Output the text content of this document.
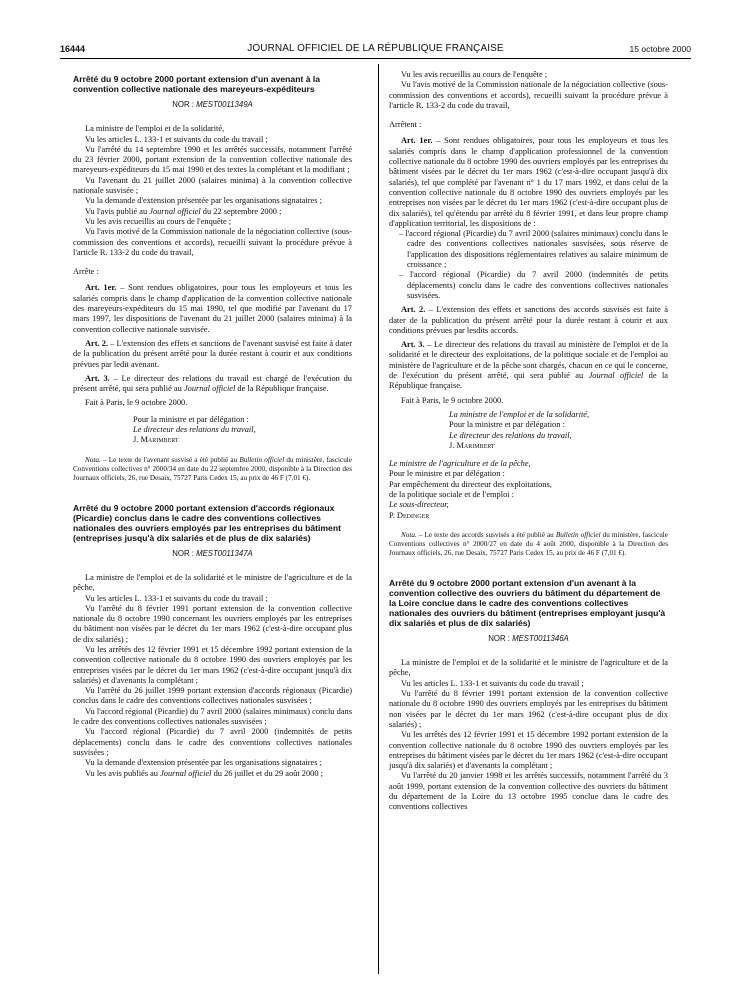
16444	JOURNAL OFFICIEL DE LA RÉPUBLIQUE FRANÇAISE	15 octobre 2000
Arrêté du 9 octobre 2000 portant extension d'un avenant à la convention collective nationale des mareyeurs-expéditeurs
NOR : MEST0011349A

La ministre de l'emploi et de la solidarité,

Vu les articles L. 133-1 et suivants du code du travail ;

Vu l'arrêté du 14 septembre 1990 et les arrêtés successifs, notamment l'arrêté du 23 février 2000, portant extension de la convention collective nationale des mareyeurs-expéditeurs du 15 mai 1990 et des textes la complétant et la modifiant ;

Vu l'avenant du 21 juillet 2000 (salaires minima) à la convention collective nationale susvisée ;

Vu la demande d'extension présentée par les organisations signataires ;

Vu l'avis publié au Journal officiel du 22 septembre 2000 ;

Vu les avis recueillis au cours de l'enquête ;

Vu l'avis motivé de la Commission nationale de la négociation collective (sous-commission des conventions et accords), recueilli suivant la procédure prévue à l'article R. 133-2 du code du travail,

Arrête :

Art. 1er. – Sont rendues obligatoires, pour tous les employeurs et tous les salariés compris dans le champ d'application de la convention collective nationale des mareyeurs-expéditeurs du 15 mai 1990, tel que modifié par l'avenant du 17 mars 1997, les dispositions de l'avenant du 21 juillet 2000 (salaires minima) à la convention collective nationale susvisée.

Art. 2. – L'extension des effets et sanctions de l'avenant susvisé est faite à dater de la publication du présent arrêté pour la durée restant à courir et aux conditions prévues par ledit avenant.

Art. 3. – Le directeur des relations du travail est chargé de l'exécution du présent arrêté, qui sera publié au Journal officiel de la République française.

Fait à Paris, le 9 octobre 2000.

Pour la ministre et par délégation :

Le directeur des relations du travail,

J. Marimbert

Nota. – Le texte de l'avenant susvisé a été publié au Bulletin officiel du ministère, fascicule Conventions collectives n° 2000/34 en date du 22 septembre 2000, disponible à la Direction des Journaux officiels, 26, rue Desaix, 75727 Paris Cedex 15, au prix de 46 F (7,01 €).

Arrêté du 9 octobre 2000 portant extension d'accords régionaux (Picardie) conclus dans le cadre des conventions collectives nationales des ouvriers employés par les entreprises du bâtiment (entreprises jusqu'à dix salariés et de plus de dix salariés)
NOR : MEST0011347A

La ministre de l'emploi et de la solidarité et le ministre de l'agriculture et de la pêche,

Vu les articles L. 133-1 et suivants du code du travail ;

Vu l'arrêté du 8 février 1991 portant extension de la convention collective nationale du 8 octobre 1990 concernant les ouvriers employés par les entreprises du bâtiment non visées par le décret du 1er mars 1962 (c'est-à-dire occupant plus de dix salariés) ;

Vu les arrêtés des 12 février 1991 et 15 décembre 1992 portant extension de la convention collective nationale du 8 octobre 1990 des ouvriers employés par les entreprises visées par le décret du 1er mars 1962 (c'est-à-dire occupant jusqu'à dix salariés) et d'avenants la complétant ;

Vu l'arrêté du 26 juillet 1999 portant extension d'accords régionaux (Picardie) conclus dans le cadre des conventions collectives nationales susvisées ;

Vu l'accord régional (Picardie) du 7 avril 2000 (salaires minimaux) conclu dans le cadre des conventions collectives nationales susvisées ;

Vu l'accord régional (Picardie) du 7 avril 2000 (indemnités de petits déplacements) conclu dans le cadre des conventions collectives nationales susvisées ;

Vu la demande d'extension présentée par les organisations signataires ;

Vu les avis publiés au Journal officiel du 26 juillet et du 29 août 2000 ;

Vu les avis recueillis au cours de l'enquête ;

Vu l'avis motivé de la Commission nationale de la négociation collective (sous-commission des conventions et accords), recueilli suivant la procédure prévue à l'article R. 133-2 du code du travail,

Arrêtent :

Art. 1er. – Sont rendues obligatoires, pour tous les employeurs et tous les salariés compris dans le champ d'application professionnel de la convention collective nationale du 8 octobre 1990 des ouvriers employés par les entreprises du bâtiment visées par le décret du 1er mars 1962 (c'est-à-dire occupant jusqu'à dix salariés), tel que complété par l'avenant n° 1 du 17 mars 1992, et dans celui de la convention collective nationale du 8 octobre 1990 des ouvriers employés par les entreprises non visées par le décret du 1er mars 1962 (c'est-à-dire occupant plus de dix salariés), tel qu'étendu par arrêté du 8 février 1991, et dans leur propre champ d'application territorial, les dispositions de :

– l'accord régional (Picardie) du 7 avril 2000 (salaires minimaux) conclu dans le cadre des conventions collectives nationales susvisées, sous réserve de l'application des dispositions réglementaires relatives au salaire minimum de croissance ;

– l'accord régional (Picardie) du 7 avril 2000 (indemnités de petits déplacements) conclu dans le cadre des conventions collectives nationales susvisées.

Art. 2. – L'extension des effets et sanctions des accords susvisés est faite à dater de la publication du présent arrêté pour la durée restant à courir et aux conditions prévues par lesdits accords.

Art. 3. – Le directeur des relations du travail au ministère de l'emploi et de la solidarité et le directeur des exploitations, de la politique sociale et de l'emploi au ministère de l'agriculture et de la pêche sont chargés, chacun en ce qui le concerne, de l'exécution du présent arrêté, qui sera publié au Journal officiel de la République française.

Fait à Paris, le 9 octobre 2000.

La ministre de l'emploi et de la solidarité,

Pour la ministre et par délégation :

Le directeur des relations du travail,

J. Marimbert

Le ministre de l'agriculture et de la pêche,

Pour le ministre et par délégation :

Par empêchement du directeur des exploitations,

de la politique sociale et de l'emploi :

Le sous-directeur,

P. Dedinger

Nota. – Le texte des accords susvisés a été publié au Bulletin officiel du ministère, fascicule Conventions collectives n° 2000/27 en date du 4 août 2000, disponible à la Direction des Journaux officiels, 26, rue Desaix, 75727 Paris Cedex 15, au prix de 46 F (7,01 €).

Arrêté du 9 octobre 2000 portant extension d'un avenant à la convention collective des ouvriers du bâtiment du département de la Loire conclue dans le cadre des conventions collectives nationales des ouvriers du bâtiment (entreprises employant jusqu'à dix salariés et plus de dix salariés)
NOR : MEST0011346A

La ministre de l'emploi et de la solidarité et le ministre de l'agriculture et de la pêche,

Vu les articles L. 133-1 et suivants du code du travail ;

Vu l'arrêté du 8 février 1991 portant extension de la convention collective nationale du 8 octobre 1990 des ouvriers employés par les entreprises du bâtiment non visées par le décret du 1er mars 1962 (c'est-à-dire occupant plus de dix salariés) ;

Vu les arrêtés des 12 février 1991 et 15 décembre 1992 portant extension de la convention collective nationale du 8 octobre 1990 des ouvriers employés par les entreprises du bâtiment visées par le décret du 1er mars 1962 (c'est-à-dire occupant jusqu'à dix salariés) et d'avenants la complétant ;

Vu l'arrêté du 20 janvier 1998 et les arrêtés successifs, notamment l'arrêté du 3 août 1999, portant extension de la convention collective des ouvriers du bâtiment du département de la Loire du 13 octobre 1995 conclue dans le cadre des conventions collectives
